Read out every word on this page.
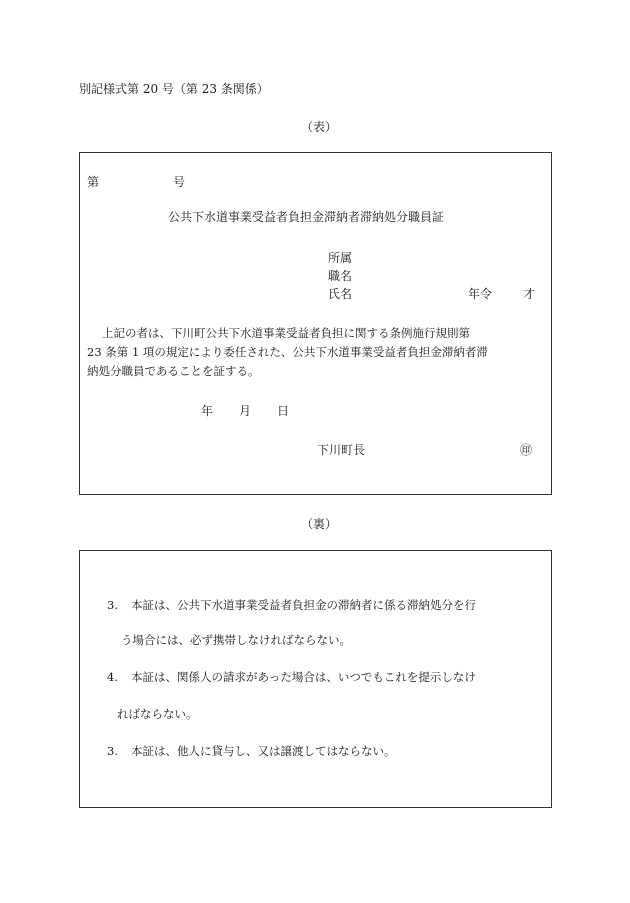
別記様式第 20 号（第 23 条関係）
（表）
第	号
公共下水道事業受益者負担金滞納者滞納処分職員証
所属
職名
氏名	年令	才
上記の者は、下川町公共下水道事業受益者負担に関する条例施行規則第
23 条第 1 項の規定により委任された、公共下水道事業受益者負担金滞納者滞
納処分職員であることを証する。
年 月 日
下川町長	㊞
（裏）
3. 本証は、公共下水道事業受益者負担金の滞納者に係る滞納処分を行
う場合には、必ず携帯しなければならない。
4. 本証は、関係人の請求があった場合は、いつでもこれを提示しなけ
ればならない。
3. 本証は、他人に貸与し、又は譲渡してはならない。
